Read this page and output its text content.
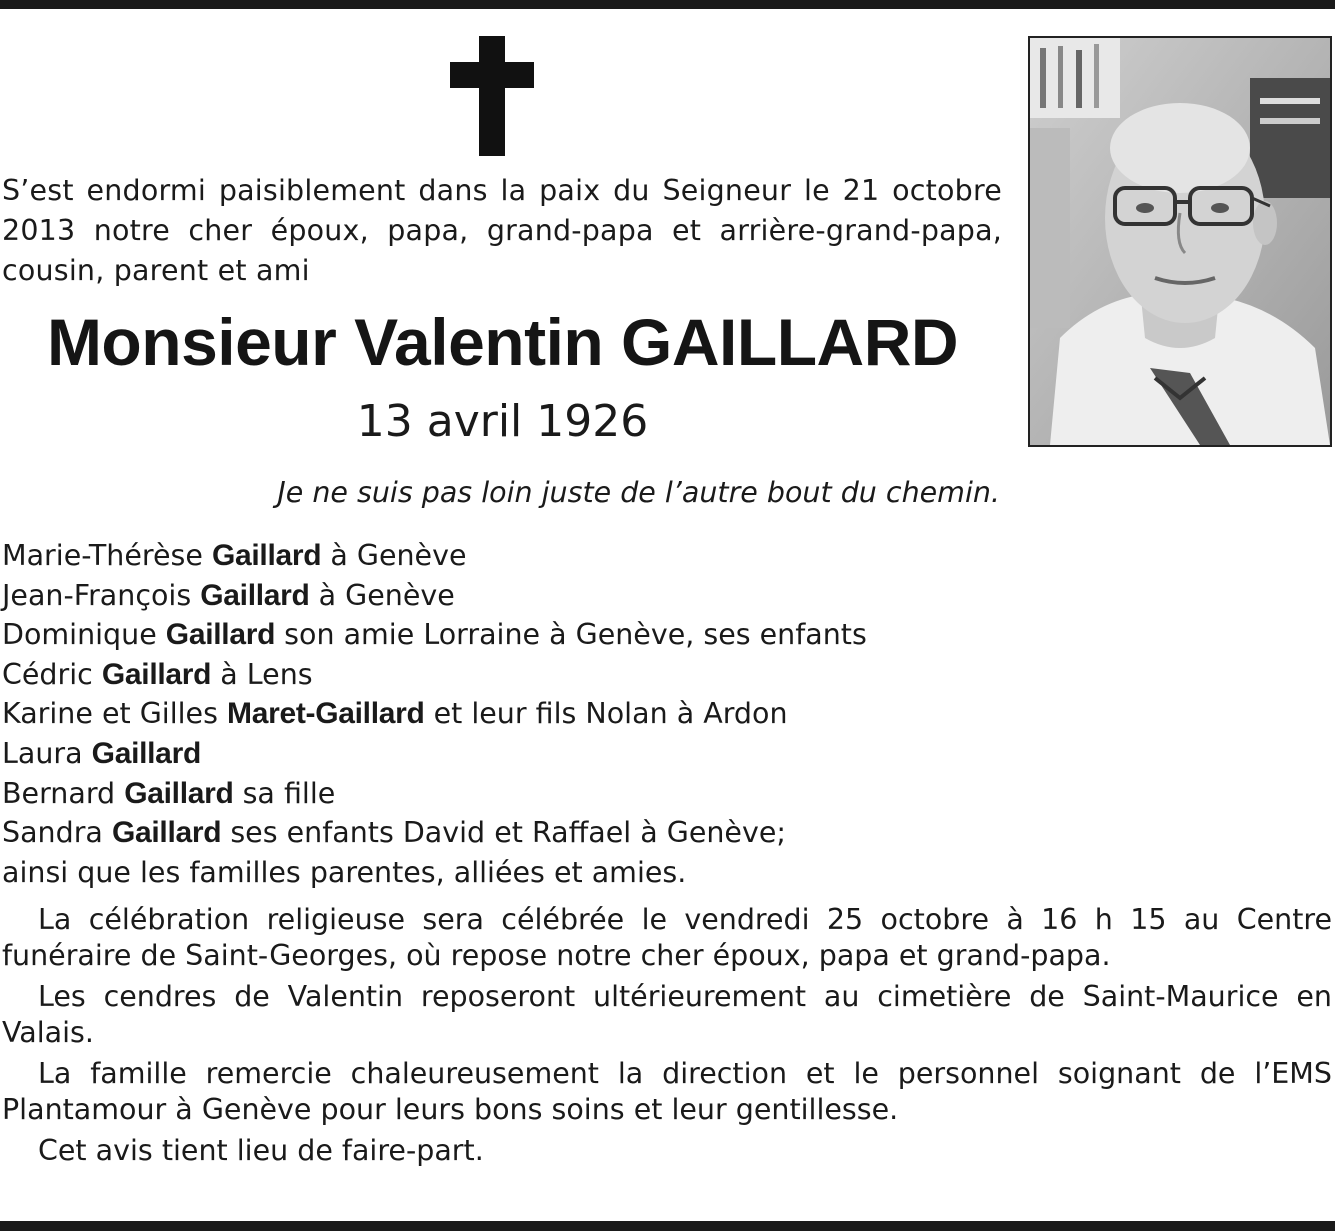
S’est endormi paisiblement dans la paix du Seigneur le 21 octobre 2013 notre cher époux, papa, grand-papa et arrière-grand-papa, cousin, parent et ami
Monsieur Valentin GAILLARD
13 avril 1926
Je ne suis pas loin juste de l’autre bout du chemin.
Marie-Thérèse Gaillard à Genève
Jean-François Gaillard à Genève
Dominique Gaillard son amie Lorraine à Genève, ses enfants
Cédric Gaillard à Lens
Karine et Gilles Maret-Gaillard et leur fils Nolan à Ardon
Laura Gaillard
Bernard Gaillard sa fille
Sandra Gaillard ses enfants David et Raffael à Genève;
ainsi que les familles parentes, alliées et amies.

La célébration religieuse sera célébrée le vendredi 25 octobre à 16 h 15 au Centre funéraire de Saint-Georges, où repose notre cher époux, papa et grand-papa.

Les cendres de Valentin reposeront ultérieurement au cimetière de Saint-Maurice en Valais.

La famille remercie chaleureusement la direction et le personnel soignant de l’EMS Plantamour à Genève pour leurs bons soins et leur gentillesse.

Cet avis tient lieu de faire-part.
